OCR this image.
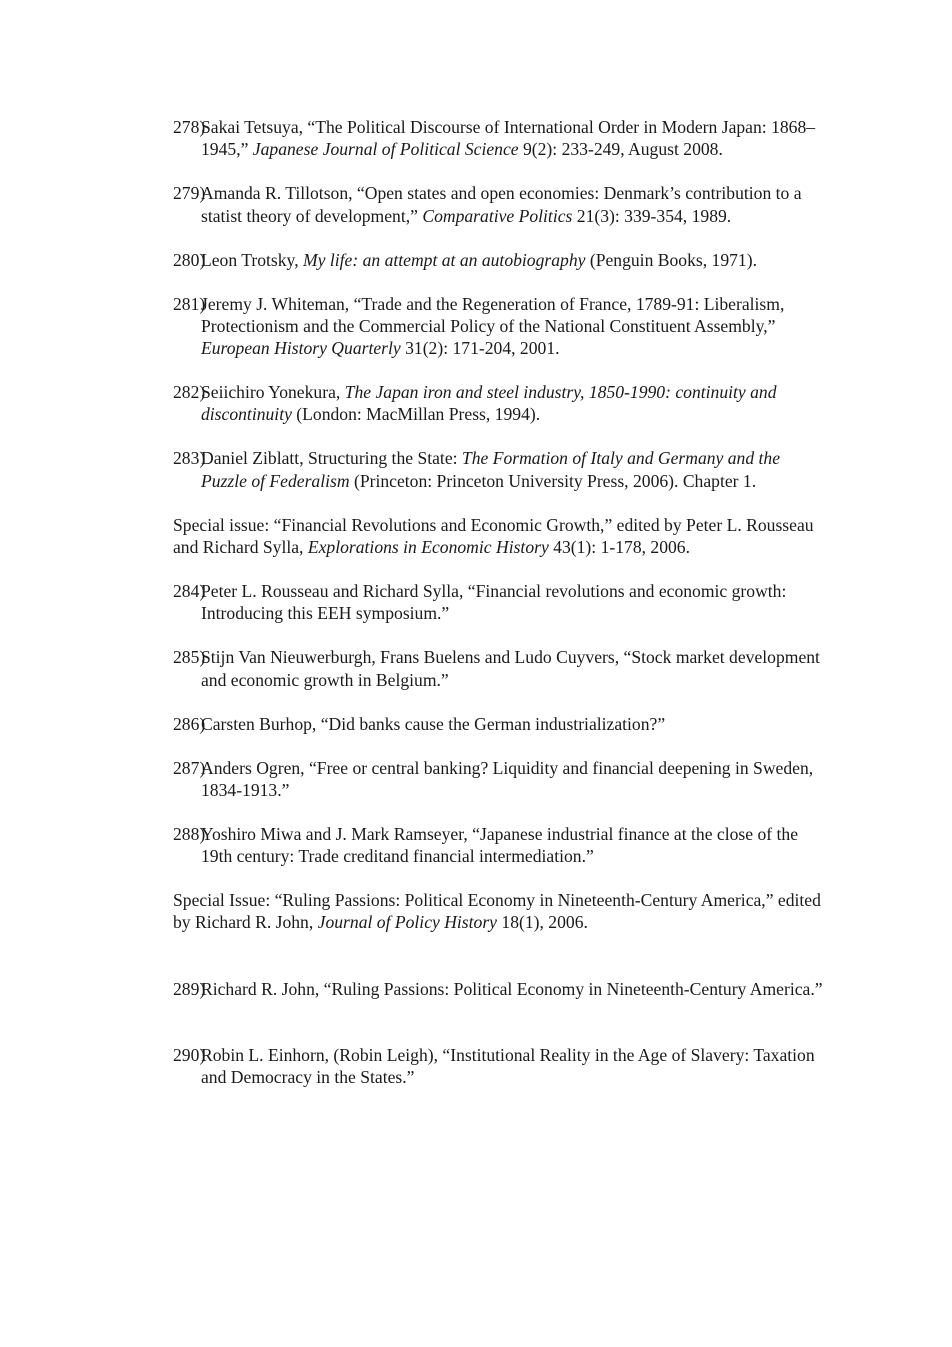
278 ) Sakai Tetsuya, “The Political Discourse of International Order in Modern Japan: 1868–1945,” Japanese Journal of Political Science 9(2): 233-249, August 2008.
279 ) Amanda R. Tillotson, “Open states and open economies: Denmark’s contribution to a statist theory of development,” Comparative Politics 21(3): 339-354, 1989.
280 ) Leon Trotsky, My life: an attempt at an autobiography (Penguin Books, 1971).
281 ) Jeremy J. Whiteman, “Trade and the Regeneration of France, 1789-91: Liberalism, Protectionism and the Commercial Policy of the National Constituent Assembly,” European History Quarterly 31(2): 171-204, 2001.
282 ) Seiichiro Yonekura, The Japan iron and steel industry, 1850-1990: continuity and discontinuity (London: MacMillan Press, 1994).
283 ) Daniel Ziblatt, Structuring the State: The Formation of Italy and Germany and the Puzzle of Federalism (Princeton: Princeton University Press, 2006). Chapter 1.
Special issue: “Financial Revolutions and Economic Growth,” edited by Peter L. Rousseau and Richard Sylla, Explorations in Economic History 43(1): 1-178, 2006.
284 ) Peter L. Rousseau and Richard Sylla, “Financial revolutions and economic growth: Introducing this EEH symposium.”
285 ) Stijn Van Nieuwerburgh, Frans Buelens and Ludo Cuyvers, “Stock market development and economic growth in Belgium.”
286 ) Carsten Burhop, “Did banks cause the German industrialization?”
287 ) Anders Ogren, “Free or central banking? Liquidity and financial deepening in Sweden, 1834-1913.”
288 ) Yoshiro Miwa and J. Mark Ramseyer, “Japanese industrial finance at the close of the 19th century: Trade creditand financial intermediation.”
Special Issue: “Ruling Passions: Political Economy in Nineteenth-Century America,” edited by Richard R. John, Journal of Policy History 18(1), 2006.
289 ) Richard R. John, “Ruling Passions: Political Economy in Nineteenth-Century America.”
290 ) Robin L. Einhorn, (Robin Leigh), “Institutional Reality in the Age of Slavery: Taxation and Democracy in the States.”
